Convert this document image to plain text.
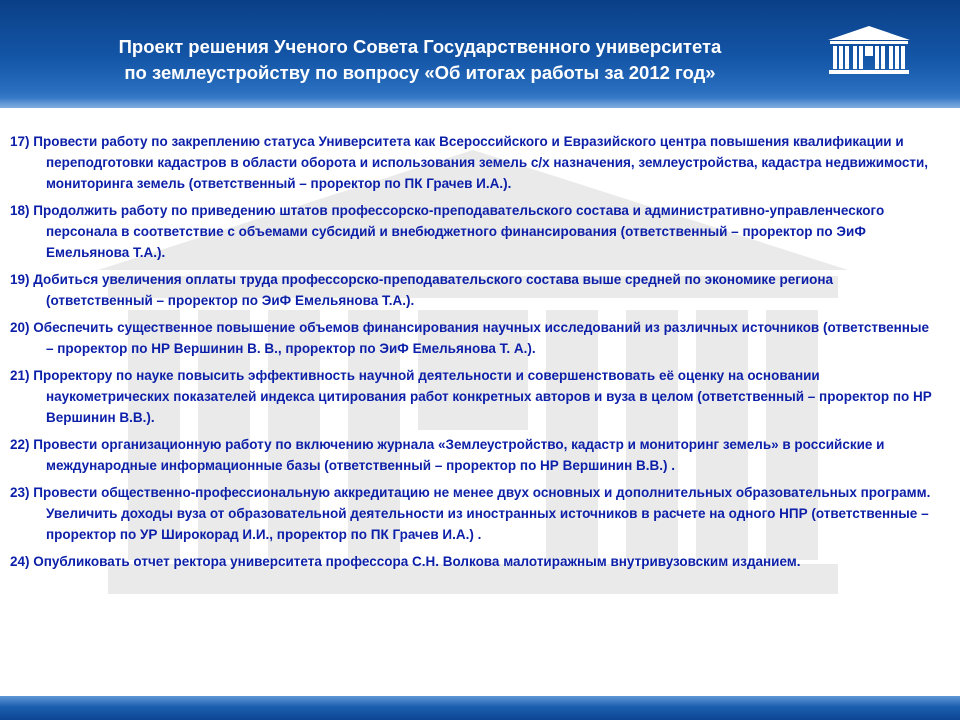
Проект решения Ученого Совета Государственного университета
по землеустройству по вопросу «Об итогах работы за 2012 год»

17) Провести работу по закреплению статуса Университета как Всероссийского и Евразийского центра повышения квалификации и переподготовки кадастров в области оборота и использования земель с/х назначения, землеустройства, кадастра недвижимости, мониторинга земель (ответственный – проректор по ПК Грачев И.А.).

18) Продолжить работу по приведению штатов профессорско-преподавательского состава и административно-управленческого персонала в соответствие с объемами субсидий и внебюджетного финансирования (ответственный – проректор по ЭиФ Емельянова Т.А.).

19) Добиться увеличения оплаты труда профессорско-преподавательского состава выше средней по экономике региона (ответственный – проректор по ЭиФ Емельянова Т.А.).

20) Обеспечить существенное повышение объемов финансирования научных исследований из различных источников (ответственные – проректор по НР Вершинин В. В., проректор по ЭиФ Емельянова Т. А.).

21) Проректору по науке повысить эффективность научной деятельности и совершенствовать её оценку на основании наукометрических показателей индекса цитирования работ конкретных авторов и вуза в целом (ответственный – проректор по НР Вершинин В.В.).

22) Провести организационную работу по включению журнала «Землеустройство, кадастр и мониторинг земель» в российские и международные информационные базы (ответственный – проректор по НР Вершинин В.В.) .

23) Провести общественно-профессиональную аккредитацию не менее двух основных и дополнительных образовательных программ. Увеличить доходы вуза от образовательной деятельности из иностранных источников в расчете на одного НПР (ответственные – проректор по УР Широкорад И.И., проректор по ПК Грачев И.А.) .

24) Опубликовать отчет ректора университета профессора С.Н. Волкова малотиражным внутривузовским изданием.
